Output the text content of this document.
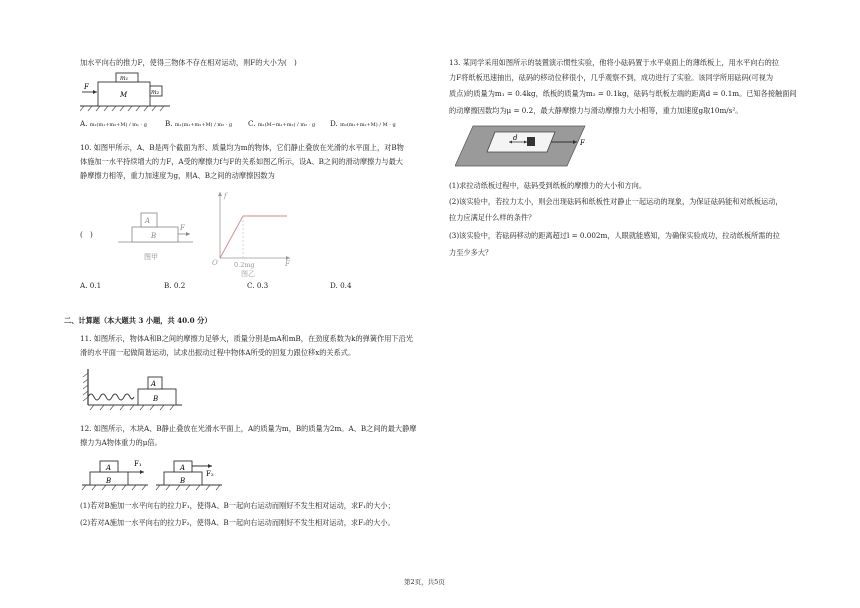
加水平向右的推力F，使得三物体不存在相对运动，则F的大小为(　)
F
m₁
M	m₂
A. m₂(m₁+m₂+M) / m₁ · g	B. m₁(m₁+m₂+M) / m₂ · g C. m₁(M−m₁+m₂) / m₂ · g D. m₂(m₁+m₂+M) / M · g
10. 如图甲所示，A、B是两个截面为形、质量均为m的物体，它们静止叠放在光滑的水平面上，对B物
体施加一水平持续增大的力F，A受的摩擦力f与F的关系如图乙所示，设A、B之间的滑动摩擦力与最大
静摩擦力相等，重力加速度为g，则A、B之间的动摩擦因数为
(　)
A
B
F
图甲
f
O	0.2mg	F
图乙
A. 0.1	B. 0.2	C. 0.3	D. 0.4
二、计算题（本大题共 3 小题，共 40.0 分）
11. 如图所示，物体A和B之间的摩擦力足够大，质量分别是mA和mB，在劲度系数为k的弹簧作用下沿光
滑的水平面一起做简谐运动，试求出振动过程中物体A所受的回复力跟位移x的关系式。
A
B
12. 如图所示，木块A、B静止叠放在光滑水平面上，A的质量为m，B的质量为2m。A、B之间的最大静摩
擦力为A物体重力的μ倍。
A
B
F₁	A
B
F₂
(1)若对B施加一水平向右的拉力F₁，使得A、B一起向右运动而刚好不发生相对运动，求F₁的大小；
(2)若对A施加一水平向右的拉力F₂，使得A、B一起向右运动而刚好不发生相对运动，求F₂的大小。
13. 某同学采用如图所示的装置演示惯性实验，他将小砝码置于水平桌面上的薄纸板上，用水平向右的拉
力F将纸板迅速抽出，砝码的移动位移很小，几乎观察不到，成功进行了实验。该同学所用砝码(可视为
质点)的质量为m₁ = 0.4kg，纸板的质量为m₂ = 0.1kg，砝码与纸板左端的距离d = 0.1m。已知各接触面间
的动摩擦因数均为μ = 0.2，最大静摩擦力与滑动摩擦力大小相等，重力加速度g取10m/s²。
d
F
(1)求拉动纸板过程中，砝码受到纸板的摩擦力的大小和方向。
(2)该实验中，若拉力太小，则会出现砝码和纸板性对静止一起运动的现象，为保证砝码能和对纸板运动，
拉力应满足什么样的条件？
(3)该实验中，若砝码移动的距离超过l = 0.002m，人眼就能感知，为确保实验成功，拉动纸板所需的拉
力至少多大？
第2页，共5页
